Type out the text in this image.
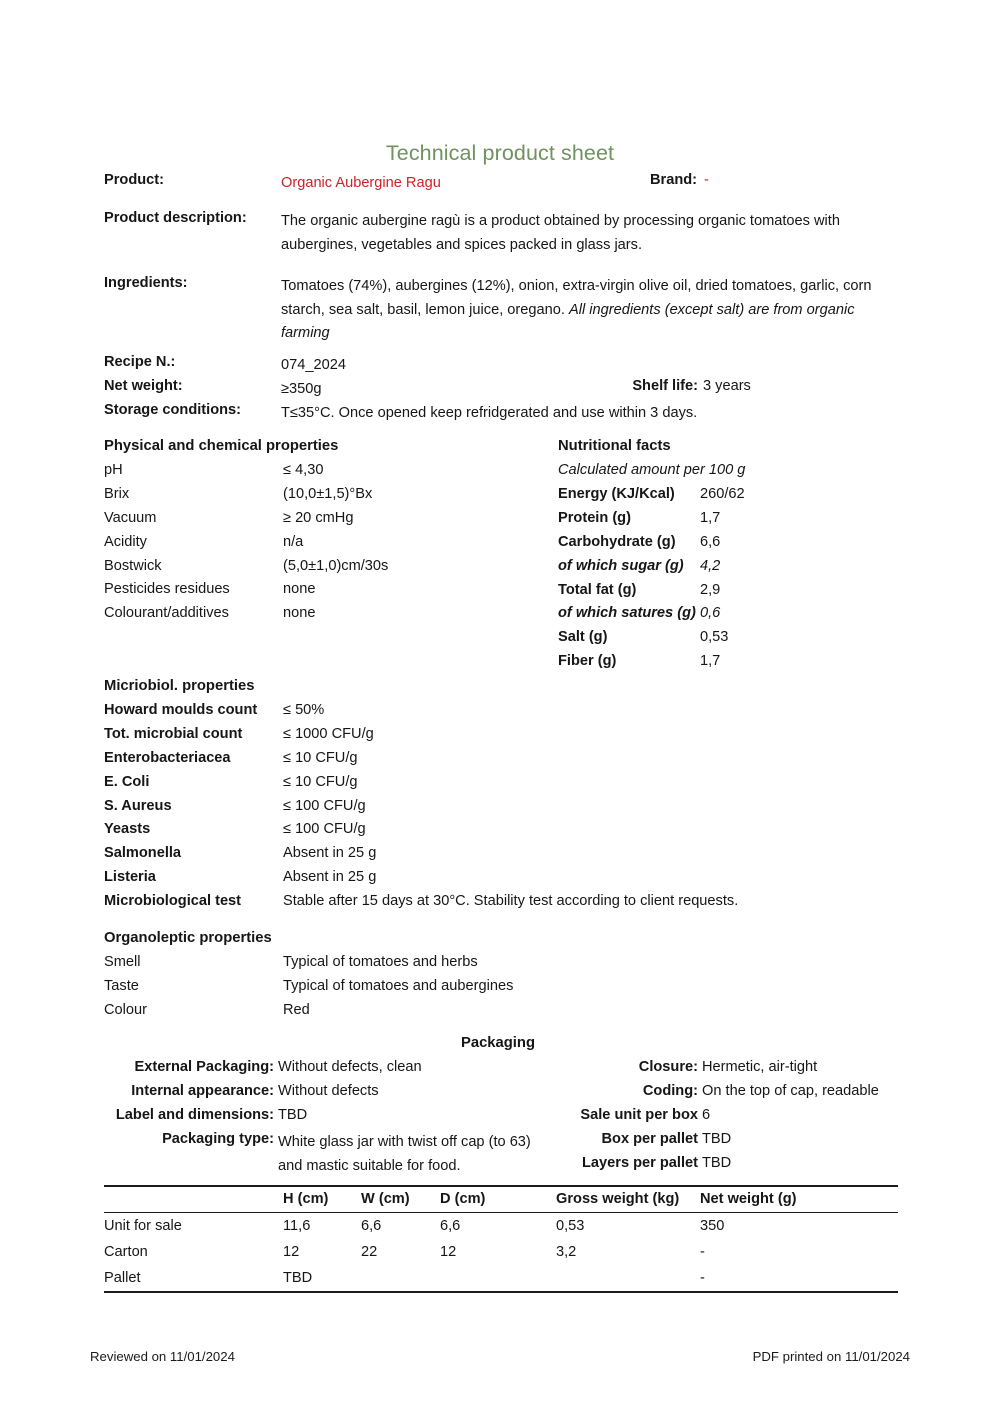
Technical product sheet
Product:	Organic Aubergine Ragu	Brand: -
Product description: The organic aubergine ragù is a product obtained by processing organic tomatoes with aubergines, vegetables and spices packed in glass jars.
Ingredients:	Tomatoes (74%), aubergines (12%), onion, extra-virgin olive oil, dried tomatoes, garlic, corn starch, sea salt, basil, lemon juice, oregano. All ingredients (except salt) are from organic farming
Recipe N.:	074_2024
Net weight:	≥350g	Shelf life: 3 years
Storage conditions:	T≤35°C. Once opened keep refridgerated and use within 3 days.
Physical and chemical properties
pH	≤ 4,30
Brix	(10,0±1,5)°Bx
Vacuum	≥ 20 cmHg
Acidity	n/a
Bostwick	(5,0±1,0)cm/30s
Pesticides residues	none
Colourant/additives	none
Nutritional facts
Calculated amount per 100 g
Energy (KJ/Kcal) 260/62
Protein (g)	1,7
Carbohydrate (g) 6,6
of which sugar (g) 4,2
Total fat (g)	2,9
of which satures (g) 0,6
Salt (g)	0,53
Fiber (g)	1,7
Micriobiol. properties
Howard moulds count ≤ 50%
Tot. microbial count	≤ 1000 CFU/g
Enterobacteriacea	≤ 10 CFU/g
E. Coli	≤ 10 CFU/g
S. Aureus	≤ 100 CFU/g
Yeasts	≤ 100 CFU/g
Salmonella	Absent in 25 g
Listeria	Absent in 25 g
Microbiological test	Stable after 15 days at 30°C. Stability test according to client requests.
Organoleptic properties
Smell	Typical of tomatoes and herbs
Taste	Typical of tomatoes and aubergines
Colour	Red
Packaging
External Packaging: Without defects, clean
Internal appearance: Without defects
Label and dimensions: TBD
Packaging type: White glass jar with twist off cap (to 63) and mastic suitable for food.
Closure: Hermetic, air-tight
Coding: On the top of cap, readable
Sale unit per box 6
Box per pallet TBD
Layers per pallet TBD
	H (cm)	W (cm)	D (cm)	Gross weight (kg)	Net weight (g)
Unit for sale	11,6	6,6	6,6	0,53	350
Carton	12	22	12	3,2	-
Pallet	TBD				-
Reviewed on 11/01/2024	PDF printed on 11/01/2024
